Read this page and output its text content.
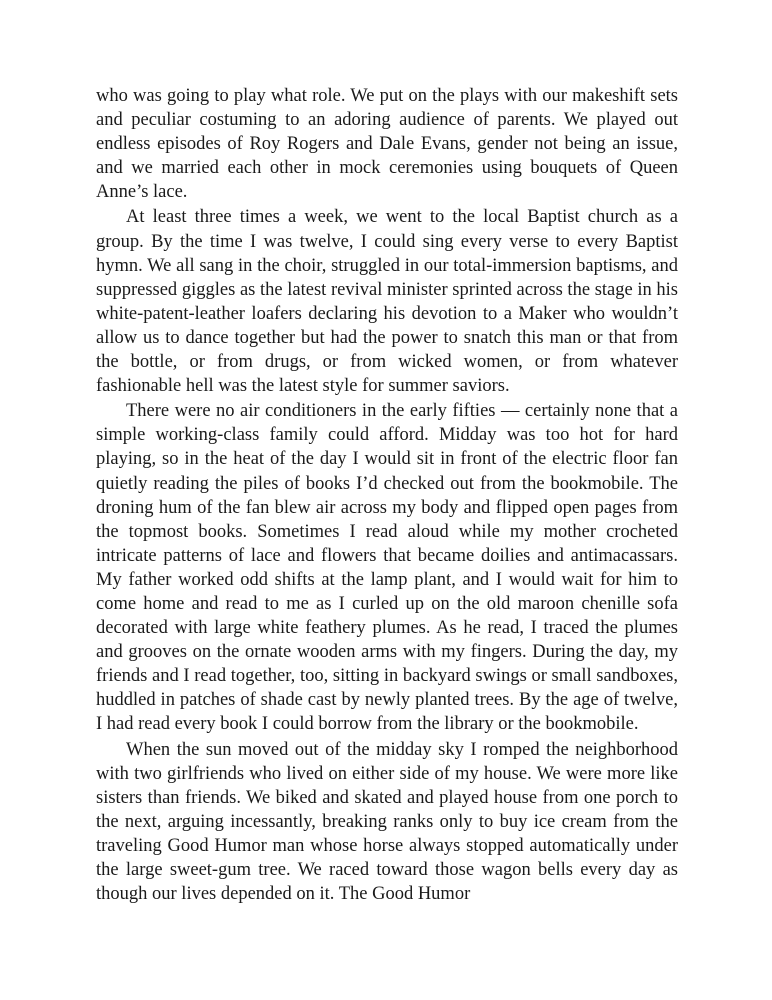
who was going to play what role. We put on the plays with our makeshift sets and peculiar costuming to an adoring audience of parents. We played out endless episodes of Roy Rogers and Dale Evans, gender not being an issue, and we married each other in mock ceremonies using bouquets of Queen Anne’s lace.

At least three times a week, we went to the local Baptist church as a group. By the time I was twelve, I could sing every verse to every Baptist hymn. We all sang in the choir, struggled in our total-immersion baptisms, and suppressed giggles as the latest revival minister sprinted across the stage in his white-patent-leather loafers declaring his devotion to a Maker who wouldn’t allow us to dance together but had the power to snatch this man or that from the bottle, or from drugs, or from wicked women, or from whatever fashionable hell was the latest style for summer saviors.

There were no air conditioners in the early fifties — certainly none that a simple working-class family could afford. Midday was too hot for hard playing, so in the heat of the day I would sit in front of the electric floor fan quietly reading the piles of books I’d checked out from the bookmobile. The droning hum of the fan blew air across my body and flipped open pages from the topmost books. Sometimes I read aloud while my mother crocheted intricate patterns of lace and flowers that became doilies and antimacassars. My father worked odd shifts at the lamp plant, and I would wait for him to come home and read to me as I curled up on the old maroon chenille sofa decorated with large white feathery plumes. As he read, I traced the plumes and grooves on the ornate wooden arms with my fingers. During the day, my friends and I read together, too, sitting in backyard swings or small sandboxes, huddled in patches of shade cast by newly planted trees. By the age of twelve, I had read every book I could borrow from the library or the bookmobile.

When the sun moved out of the midday sky I romped the neighborhood with two girlfriends who lived on either side of my house. We were more like sisters than friends. We biked and skated and played house from one porch to the next, arguing incessantly, breaking ranks only to buy ice cream from the traveling Good Humor man whose horse always stopped automatically under the large sweet-gum tree. We raced toward those wagon bells every day as though our lives depended on it. The Good Humor
